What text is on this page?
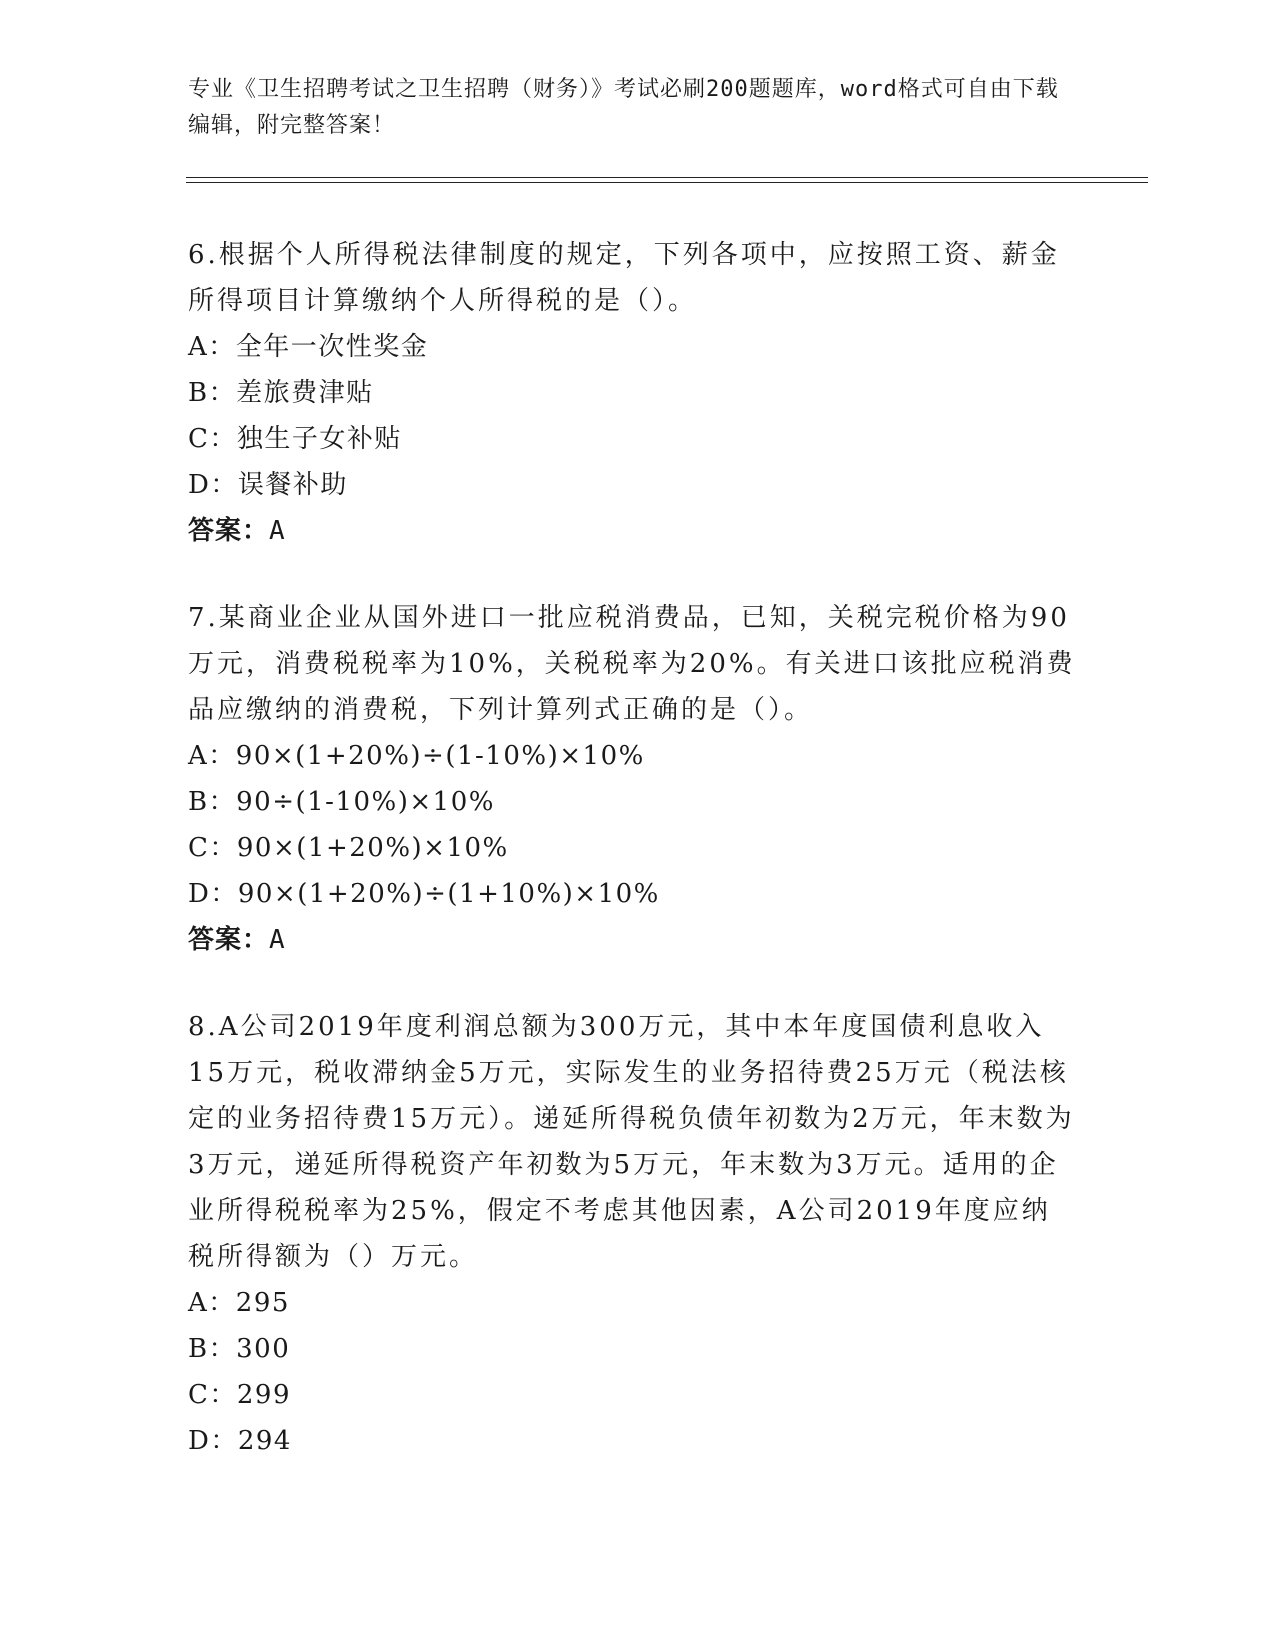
专业《卫生招聘考试之卫生招聘（财务）》考试必刷200题题库，word格式可自由下载编辑，附完整答案！
6.根据个人所得税法律制度的规定，下列各项中，应按照工资、薪金所得项目计算缴纳个人所得税的是（）。
A：全年一次性奖金
B：差旅费津贴
C：独生子女补贴
D：误餐补助
答案：A
7.某商业企业从国外进口一批应税消费品，已知，关税完税价格为90万元，消费税税率为10%，关税税率为20%。有关进口该批应税消费品应缴纳的消费税，下列计算列式正确的是（）。
A：90×(1+20%)÷(1-10%)×10%
B：90÷(1-10%)×10%
C：90×(1+20%)×10%
D：90×(1+20%)÷(1+10%)×10%
答案：A
8.A公司2019年度利润总额为300万元，其中本年度国债利息收入15万元，税收滞纳金5万元，实际发生的业务招待费25万元（税法核定的业务招待费15万元）。递延所得税负债年初数为2万元，年末数为3万元，递延所得税资产年初数为5万元，年末数为3万元。适用的企业所得税税率为25%，假定不考虑其他因素，A公司2019年度应纳税所得额为（）万元。
A：295
B：300
C：299
D：294
